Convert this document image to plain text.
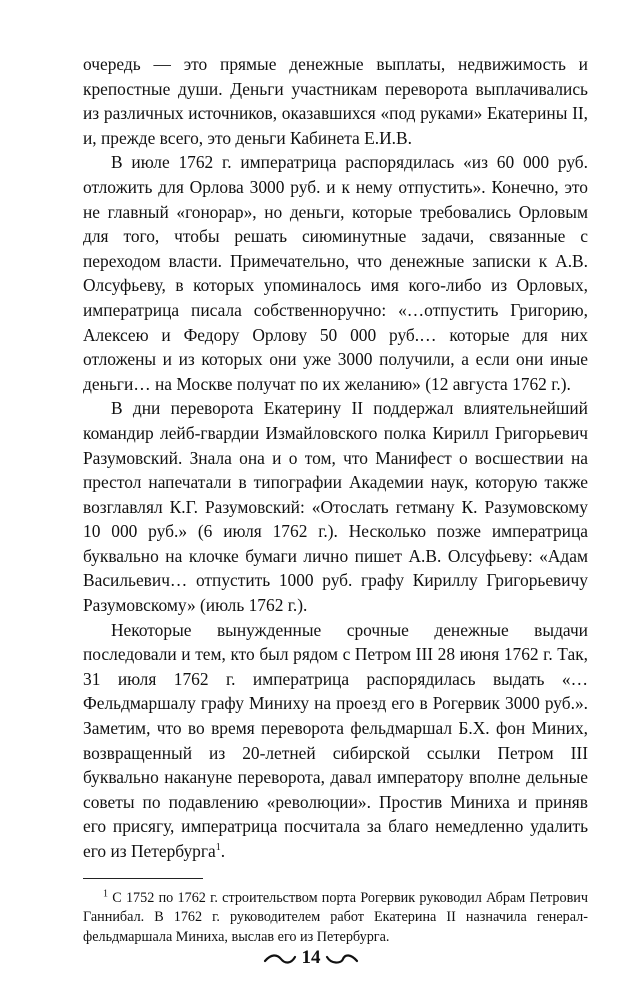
очередь — это прямые денежные выплаты, недвижимость и крепостные души. Деньги участникам переворота выплачивались из различных источников, оказавшихся «под руками» Екатерины II, и, прежде всего, это деньги Кабинета Е.И.В.

В июле 1762 г. императрица распорядилась «из 60 000 руб. отложить для Орлова 3000 руб. и к нему отпустить». Конечно, это не главный «гонорар», но деньги, которые требовались Орловым для того, чтобы решать сиюминутные задачи, связанные с переходом власти. Примечательно, что денежные записки к А.В. Олсуфьеву, в которых упоминалось имя кого-либо из Орловых, императрица писала собственноручно: «…отпустить Григорию, Алексею и Федору Орлову 50 000 руб.… которые для них отложены и из которых они уже 3000 получили, а если они иные деньги… на Москве получат по их желанию» (12 августа 1762 г.).

В дни переворота Екатерину II поддержал влиятельнейший командир лейб-гвардии Измайловского полка Кирилл Григорьевич Разумовский. Знала она и о том, что Манифест о восшествии на престол напечатали в типографии Академии наук, которую также возглавлял К.Г. Разумовский: «Отослать гетману К. Разумовскому 10 000 руб.» (6 июля 1762 г.). Несколько позже императрица буквально на клочке бумаги лично пишет А.В. Олсуфьеву: «Адам Васильевич… отпустить 1000 руб. графу Кириллу Григорьевичу Разумовскому» (июль 1762 г.).

Некоторые вынужденные срочные денежные выдачи последовали и тем, кто был рядом с Петром III 28 июня 1762 г. Так, 31 июля 1762 г. императрица распорядилась выдать «…Фельдмаршалу графу Миниху на проезд его в Рогервик 3000 руб.». Заметим, что во время переворота фельдмаршал Б.Х. фон Миних, возвращенный из 20-летней сибирской ссылки Петром III буквально накануне переворота, давал императору вполне дельные советы по подавлению «революции». Простив Миниха и приняв его присягу, императрица посчитала за благо немедленно удалить его из Петербурга$^1$.

$^1$ С 1752 по 1762 г. строительством порта Рогервик руководил Абрам Петрович Ганнибал. В 1762 г. руководителем работ Екатерина II назначила генерал-фельдмаршала Миниха, выслав его из Петербурга.

14
